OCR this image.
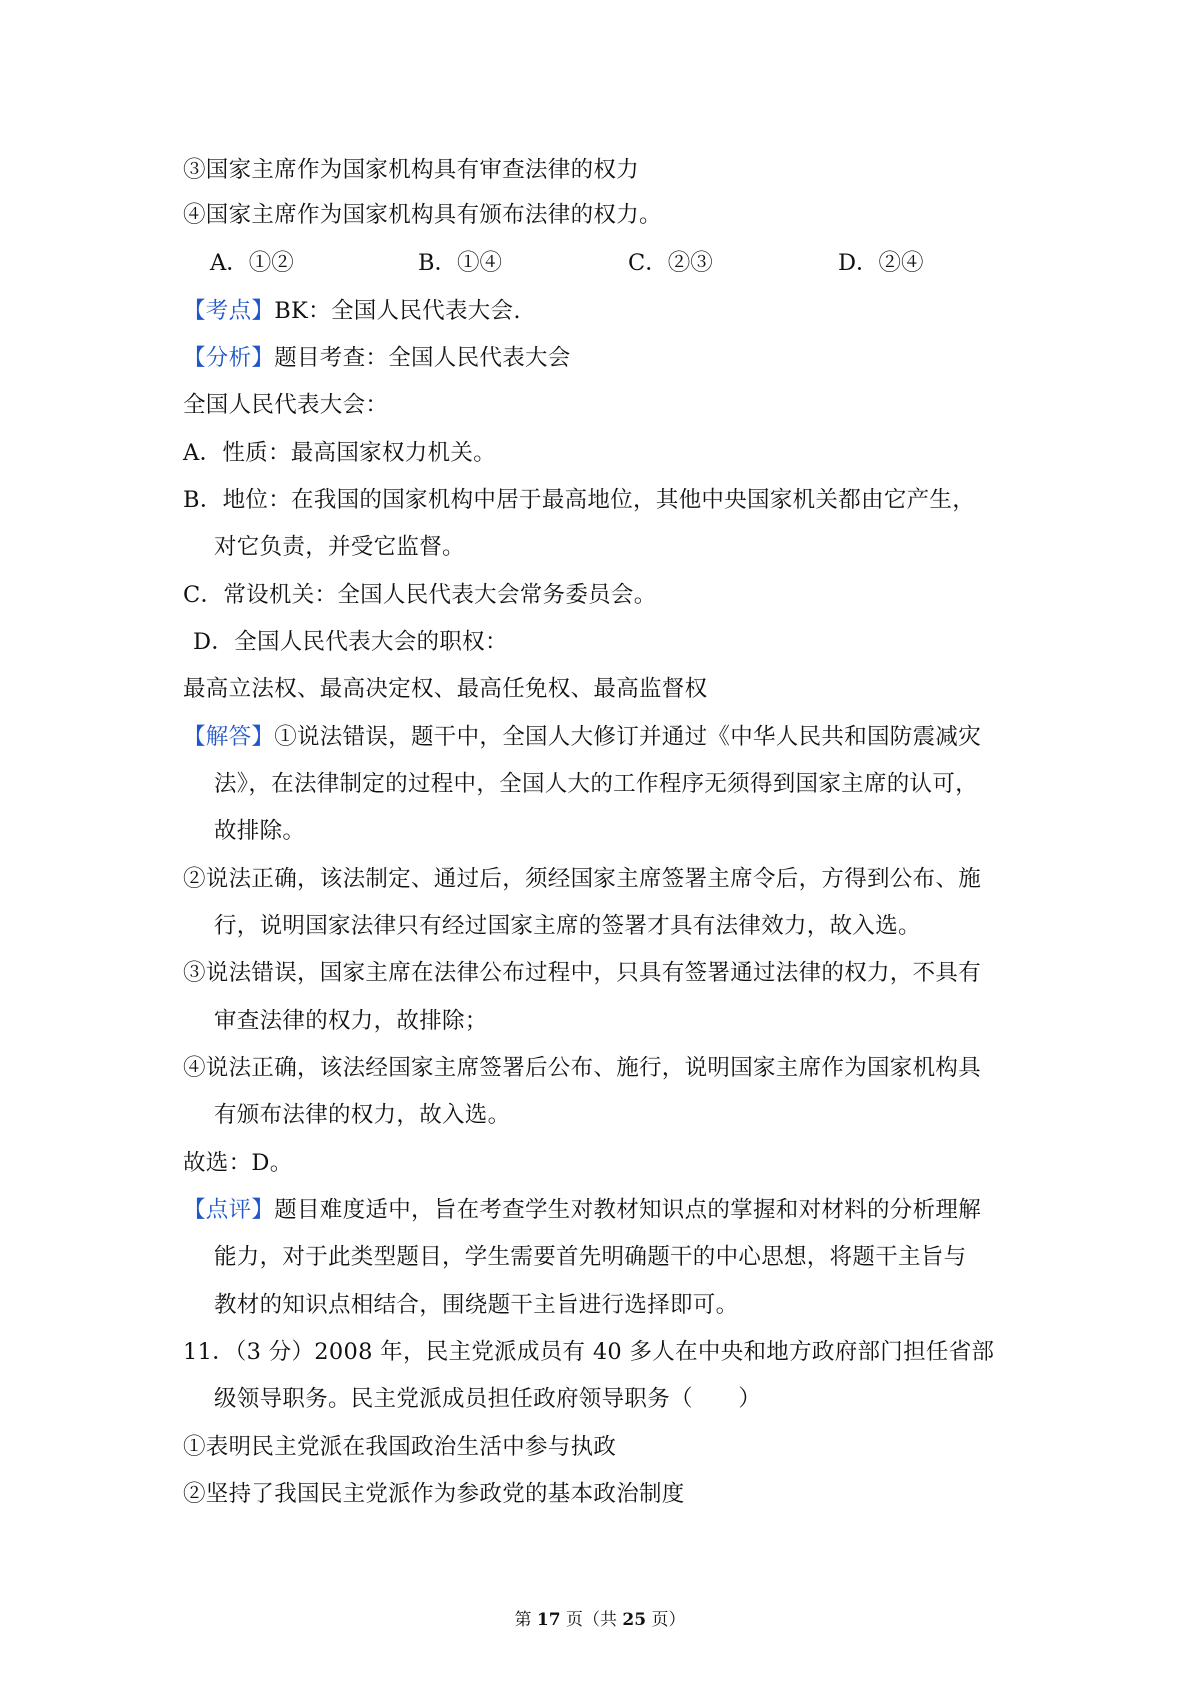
③国家主席作为国家机构具有审查法律的权力
④国家主席作为国家机构具有颁布法律的权力。
A．①②	B．①④	C．②③	D．②④
【考点】BK：全国人民代表大会.
【分析】题目考查：全国人民代表大会
全国人民代表大会：
A．性质：最高国家权力机关。
B．地位：在我国的国家机构中居于最高地位，其他中央国家机关都由它产生，
对它负责，并受它监督。
C．常设机关：全国人民代表大会常务委员会。
D．全国人民代表大会的职权：
最高立法权、最高决定权、最高任免权、最高监督权
【解答】①说法错误，题干中，全国人大修订并通过《中华人民共和国防震减灾
法》，在法律制定的过程中，全国人大的工作程序无须得到国家主席的认可，
故排除。
②说法正确，该法制定、通过后，须经国家主席签署主席令后，方得到公布、施
行，说明国家法律只有经过国家主席的签署才具有法律效力，故入选。
③说法错误，国家主席在法律公布过程中，只具有签署通过法律的权力，不具有
审查法律的权力，故排除；
④说法正确，该法经国家主席签署后公布、施行，说明国家主席作为国家机构具
有颁布法律的权力，故入选。
故选：D。
【点评】题目难度适中，旨在考查学生对教材知识点的掌握和对材料的分析理解
能力，对于此类型题目，学生需要首先明确题干的中心思想，将题干主旨与
教材的知识点相结合，围绕题干主旨进行选择即可。
11．（3 分）2008 年，民主党派成员有 40 多人在中央和地方政府部门担任省部
级领导职务。民主党派成员担任政府领导职务（　　）
①表明民主党派在我国政治生活中参与执政
②坚持了我国民主党派作为参政党的基本政治制度
第 17 页（共 25 页）
